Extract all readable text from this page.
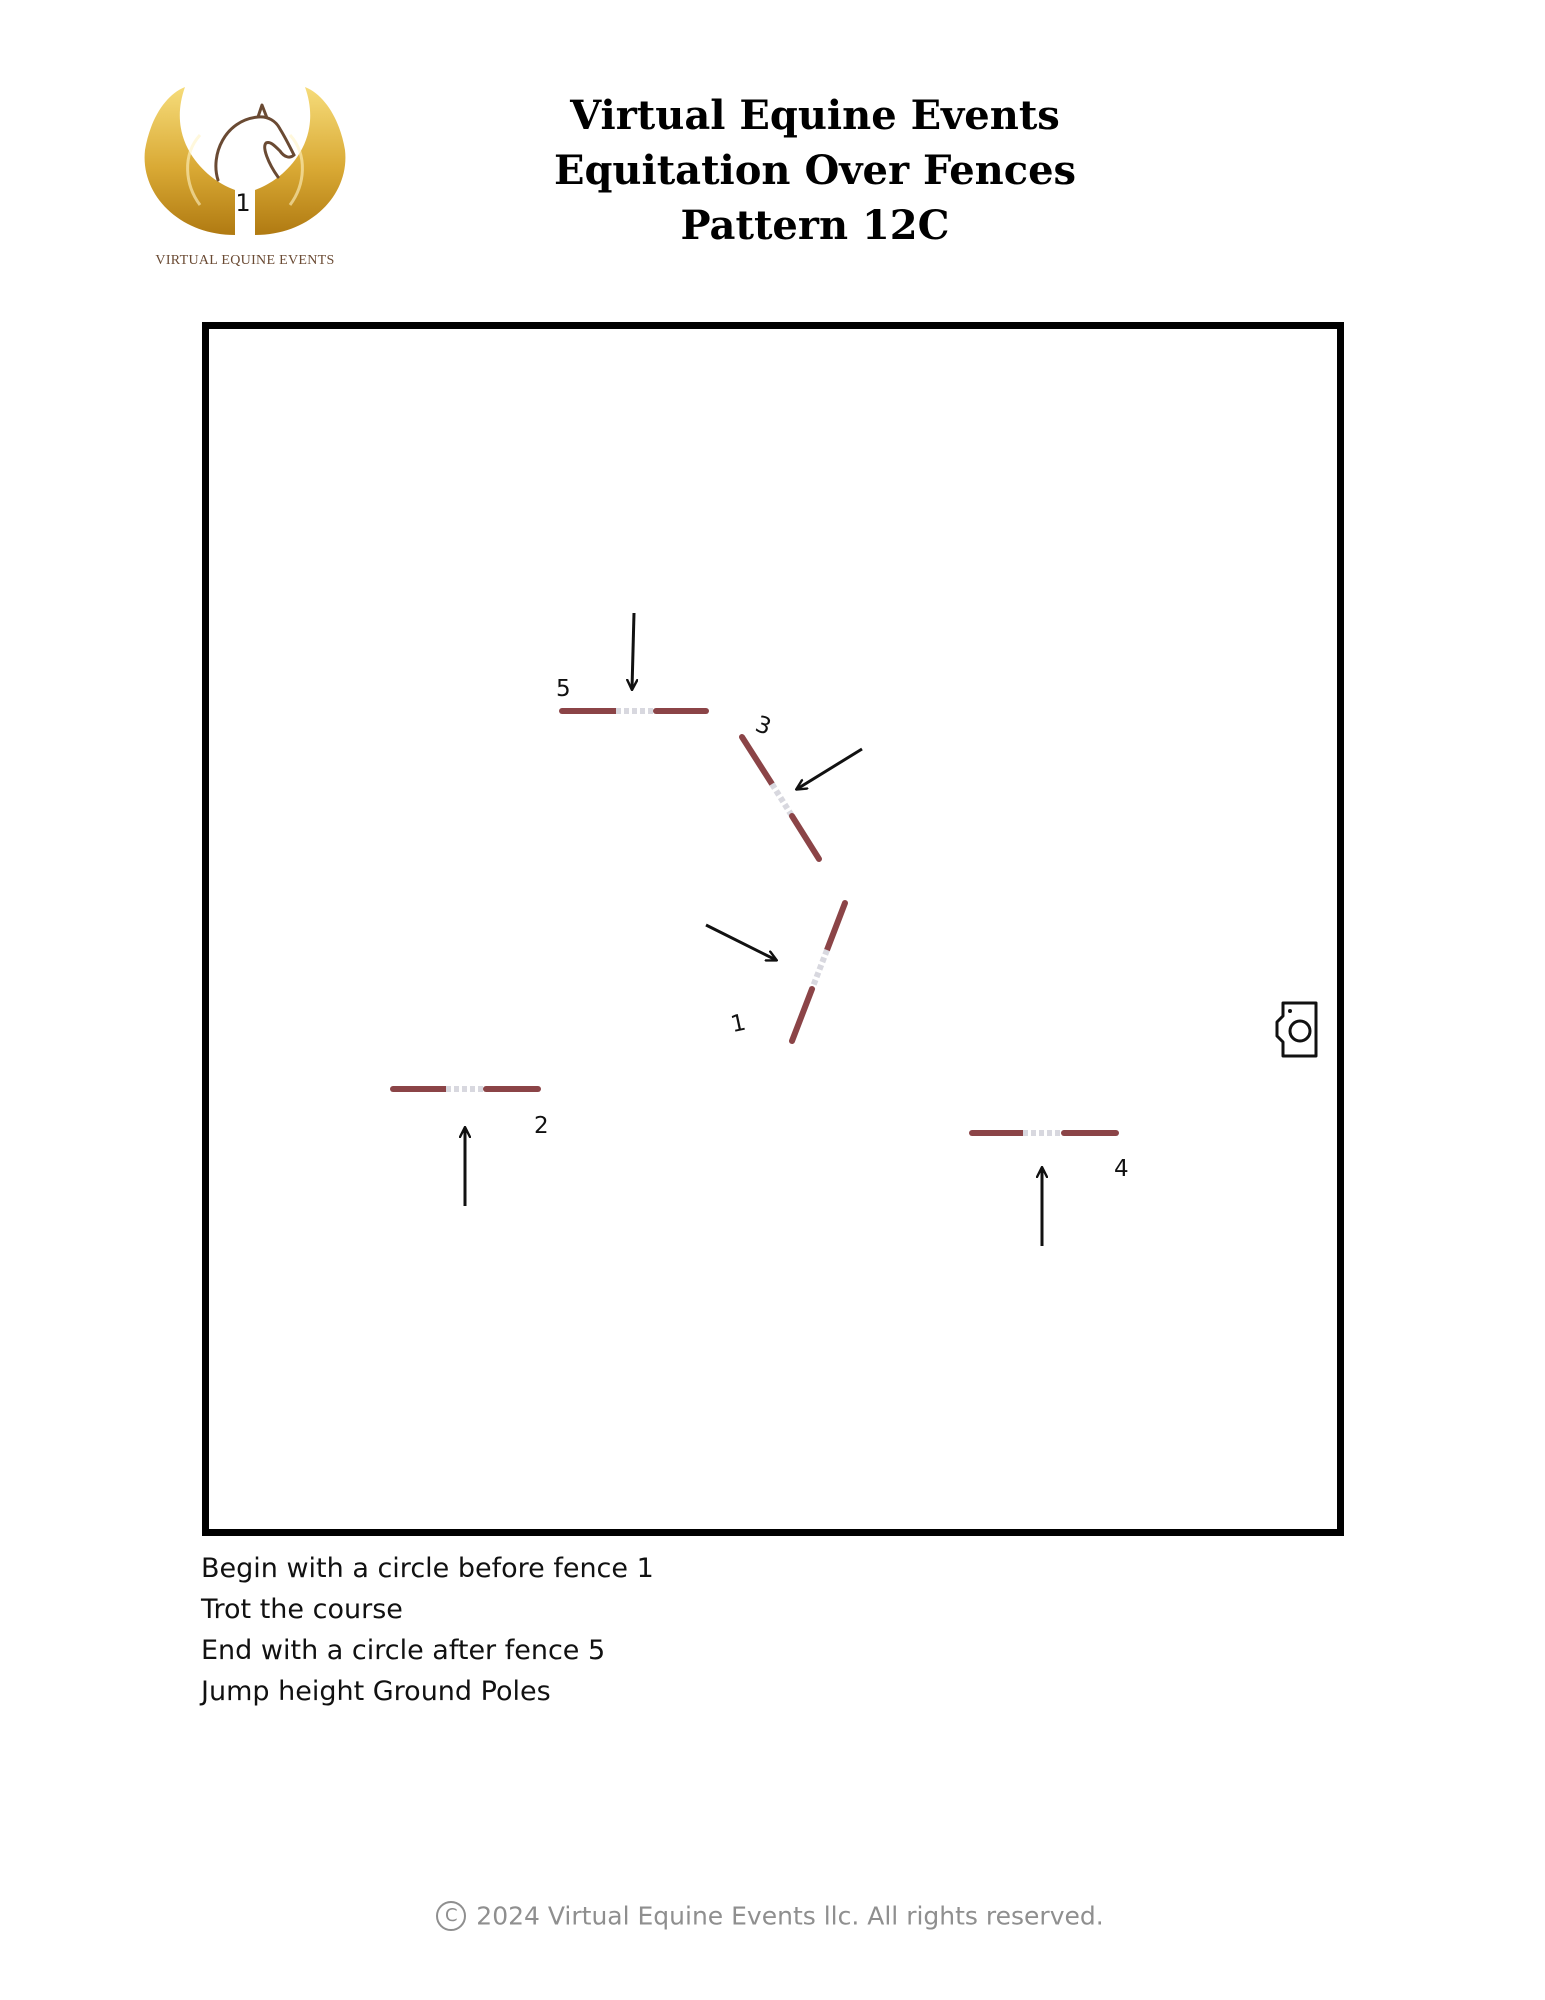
1
VIRTUAL EQUINE EVENTS
Virtual Equine Events
Equitation Over Fences
Pattern 12C
5
3
1
2
4
Begin with a circle before fence 1
Trot the course
End with a circle after fence 5
Jump height Ground Poles
C 2024 Virtual Equine Events llc. All rights reserved.
